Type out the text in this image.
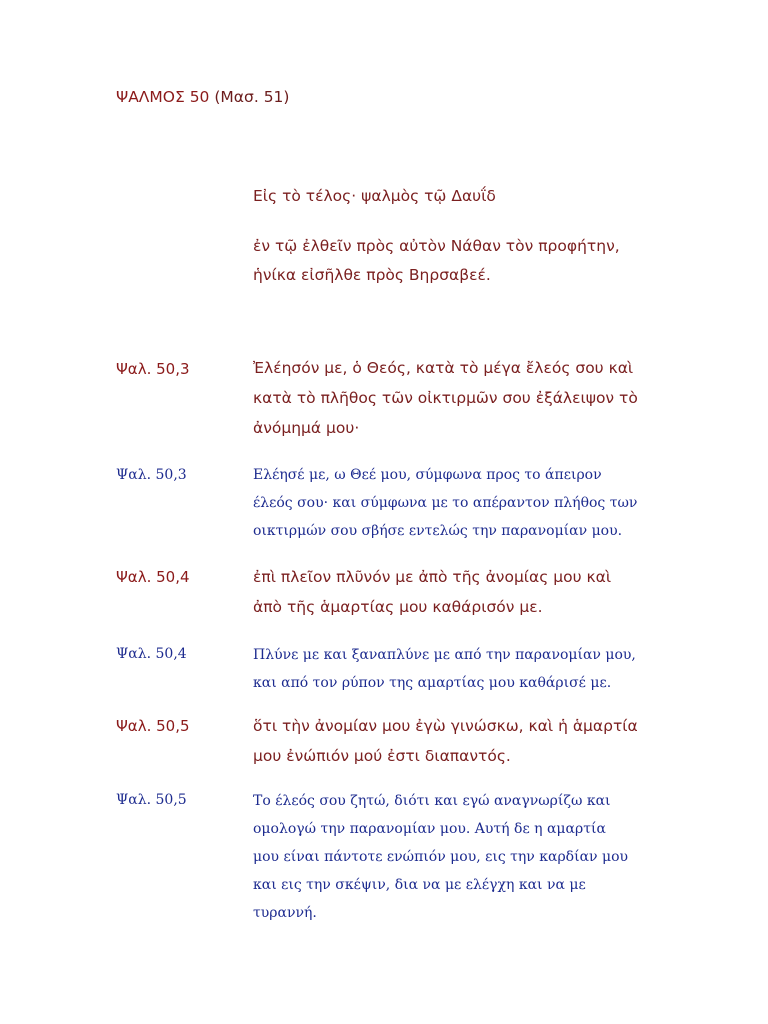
ΨΑΛΜΟΣ 50 (Μασ. 51)
Εἰς τὸ τέλος· ψαλμὸς τῷ Δαυΐδ
ἐν τῷ ἐλθεῖν πρὸς αὐτὸν Νάθαν τὸν προφήτην,
ἡνίκα εἰσῆλθε πρὸς Βηρσαβεέ.
Ψαλ. 50,3	Ἐλέησόν με, ὁ Θεός, κατὰ τὸ μέγα ἔλεός σου καὶ
κατὰ τὸ πλῆθος τῶν οἰκτιρμῶν σου ἐξάλειψον τὸ
ἀνόμημά μου·
Ψαλ. 50,3	Ελέησέ με, ω Θεέ μου, σύμφωνα προς το άπειρον
έλεός σου· και σύμφωνα με το απέραντον πλήθος των
οικτιρμών σου σβήσε εντελώς την παρανομίαν μου.
Ψαλ. 50,4	ἐπὶ πλεῖον πλῦνόν με ἀπὸ τῆς ἀνομίας μου καὶ
ἀπὸ τῆς ἁμαρτίας μου καθάρισόν με.
Ψαλ. 50,4	Πλύνε με και ξαναπλύνε με από την παρανομίαν μου,
και από τον ρύπον της αμαρτίας μου καθάρισέ με.
Ψαλ. 50,5	ὅτι τὴν ἀνομίαν μου ἐγὼ γινώσκω, καὶ ἡ ἁμαρτία
μου ἐνώπιόν μού ἐστι διαπαντός.
Ψαλ. 50,5	Το έλεός σου ζητώ, διότι και εγώ αναγνωρίζω και
ομολογώ την παρανομίαν μου. Αυτή δε η αμαρτία
μου είναι πάντοτε ενώπιόν μου, εις την καρδίαν μου
και εις την σκέψιν, δια να με ελέγχη και να με
τυραννή.
